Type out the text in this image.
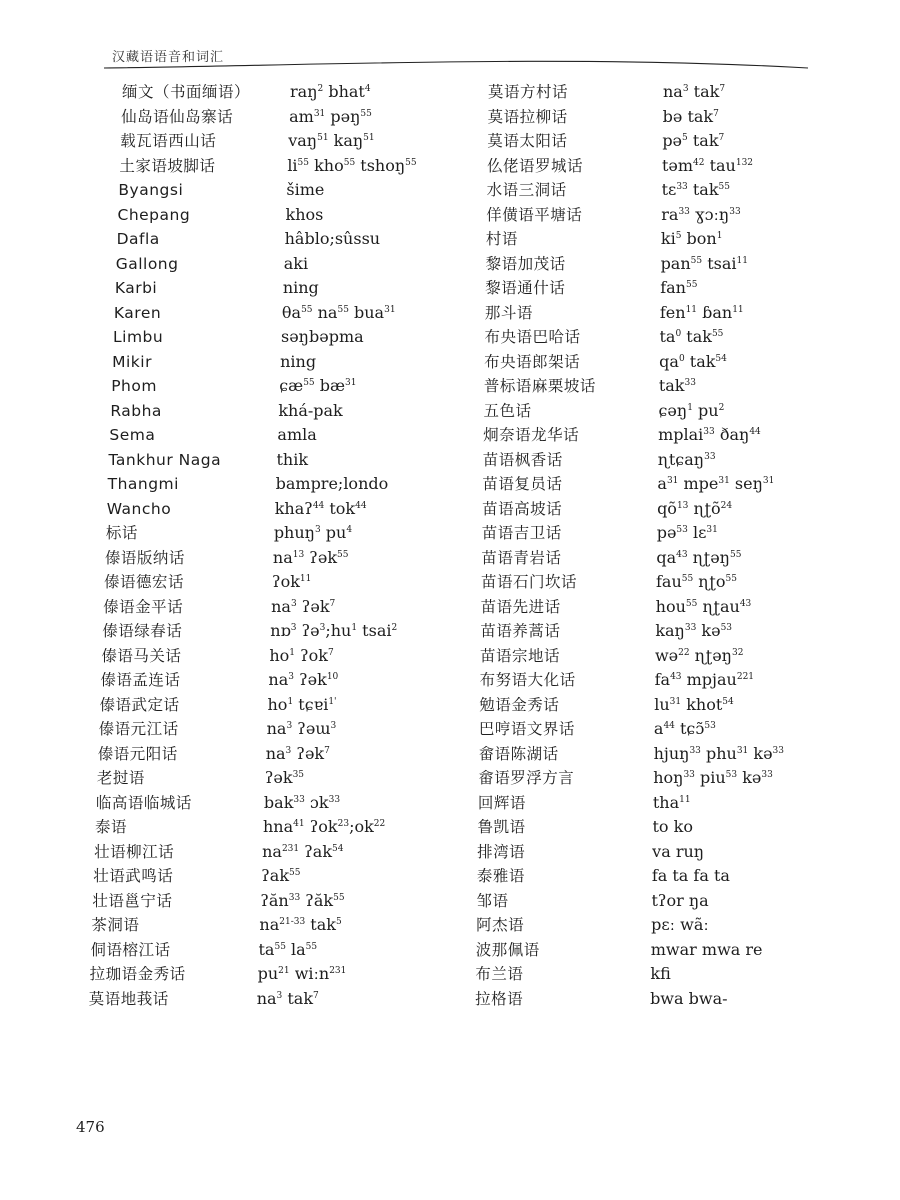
汉藏语语音和词汇
缅文（书面缅语）
仙岛语仙岛寨话
载瓦语西山话
土家语坡脚话
Byangsi
Chepang
Dafla
Gallong
Karbi
Karen
Limbu
Mikir
Phom
Rabha
Sema
Tankhur Naga
Thangmi
Wancho
标话
傣语版纳话
傣语德宏话
傣语金平话
傣语绿春话
傣语马关话
傣语孟连话
傣语武定话
傣语元江话
傣语元阳话
老挝语
临高语临城话
泰语
壮语柳江话
壮语武鸣话
壮语邕宁话
茶洞语
侗语榕江话
拉珈语金秀话
莫语地莪话
raŋ$^2$ bhat$^4$
$am^{31}$ pəŋ$^{55}$
vaŋ$^{51}$ kaŋ$^{51}$
$li^{55}$ kho$^{55}$ tshoŋ$^{55}$
šime
khos
hâblo;sûssu
aki
ning
$\theta a^{55}$ $na^{55}$ bua$^{31}$
səŋbəpma
ning
ɕæ$^{55}$ $bæ^{31}$
khá-pak
amla
thik
bampre;londo
khaʔ$^{44}$ tok$^{44}$
phuŋ$^3$ $pu^4$
$na^{13}$ ʔək$^{55}$
ʔok$^{11}$
$na^3$ ʔək$^7$
nɒ$^3$ $ʔə^3;hu^1$ tsai$^2$
$ho^1$ ʔok$^7$
$na^3$ ʔək$^{10}$
$ho^1$ tɕɐi$^{1'}$
$na^3$ ʔəɯ$^3$
$na^3$ ʔək$^7$
ʔək$^{35}$
bak$^{33}$ ɔk$^{33}$
hna$^{41}$ $ʔok^{23};ok^{22}$
$na^{231}$ ʔak$^{54}$
ʔak$^{55}$
ʔăn$^{33}$ ʔăk$^{55}$
$na^{21-33}$ tak$^5$
$ta^{55}$ $la^{55}$
$pu^{21}$ wiːn$^{231}$
$na^3$ tak$^7$
莫语方村话
莫语拉柳话
莫语太阳话
仫佬语罗城话
水语三洞话
佯僙语平塘话
村语
黎语加茂话
黎语通什话
那斗语
布央语巴哈话
布央语郎架话
普标语麻栗坡话
五色话
炯奈语龙华话
苗语枫香话
苗语复员话
苗语高坡话
苗语吉卫话
苗语青岩话
苗语石门坎话
苗语先进话
苗语养蒿话
苗语宗地话
布努语大化话
勉语金秀话
巴哼语文界话
畲语陈湖话
畲语罗浮方言
回辉语
鲁凯语
排湾语
泰雅语
邹语
阿杰语
波那佩语
布兰语
拉格语
$na^3$ tak$^7$
bə tak$^7$
pə$^5$ tak$^7$
təm$^{42}$ tau$^{132}$
tɛ$^{33}$ tak$^{55}$
$ra^{33}$ ɣɔːŋ$^{33}$
$ki^5$ bon$^1$
pan$^{55}$ tsai$^{11}$
fan$^{55}$
fen$^{11}$ ɓan$^{11}$
$ta^0$ tak$^{55}$
$qa^0$ tak$^{54}$
tak$^{33}$
ɕəŋ$^1$ $pu^2$
mplai$^{33}$ ðaŋ$^{44}$
ɳtɕaŋ$^{33}$
$a^{31}$ mpe$^{31}$ seŋ$^{31}$
$qõ^{13}$ ɳʈõ$^{24}$
pə$^{53}$ lɛ$^{31}$
$qa^{43}$ ɳʈəŋ$^{55}$
fau$^{55}$ ɳʈo$^{55}$
hou$^{55}$ ɳʈau$^{43}$
kaŋ$^{33}$ kə$^{53}$
wə$^{22}$ ɳʈəŋ$^{32}$
$fa^{43}$ mpjau$^{221}$
$lu^{31}$ khot$^{54}$
$a^{44}$ tɕɔ̃$^{53}$
hjuŋ$^{33}$ phu$^{31}$ kə$^{33}$
hoŋ$^{33}$ piu$^{53}$ kə$^{33}$
tha$^{11}$
to ko
va ruŋ
fa ta fa ta
tʔor ŋa
pɛː wãː
mwar mwa re
kfi
bwa bwa-
476
